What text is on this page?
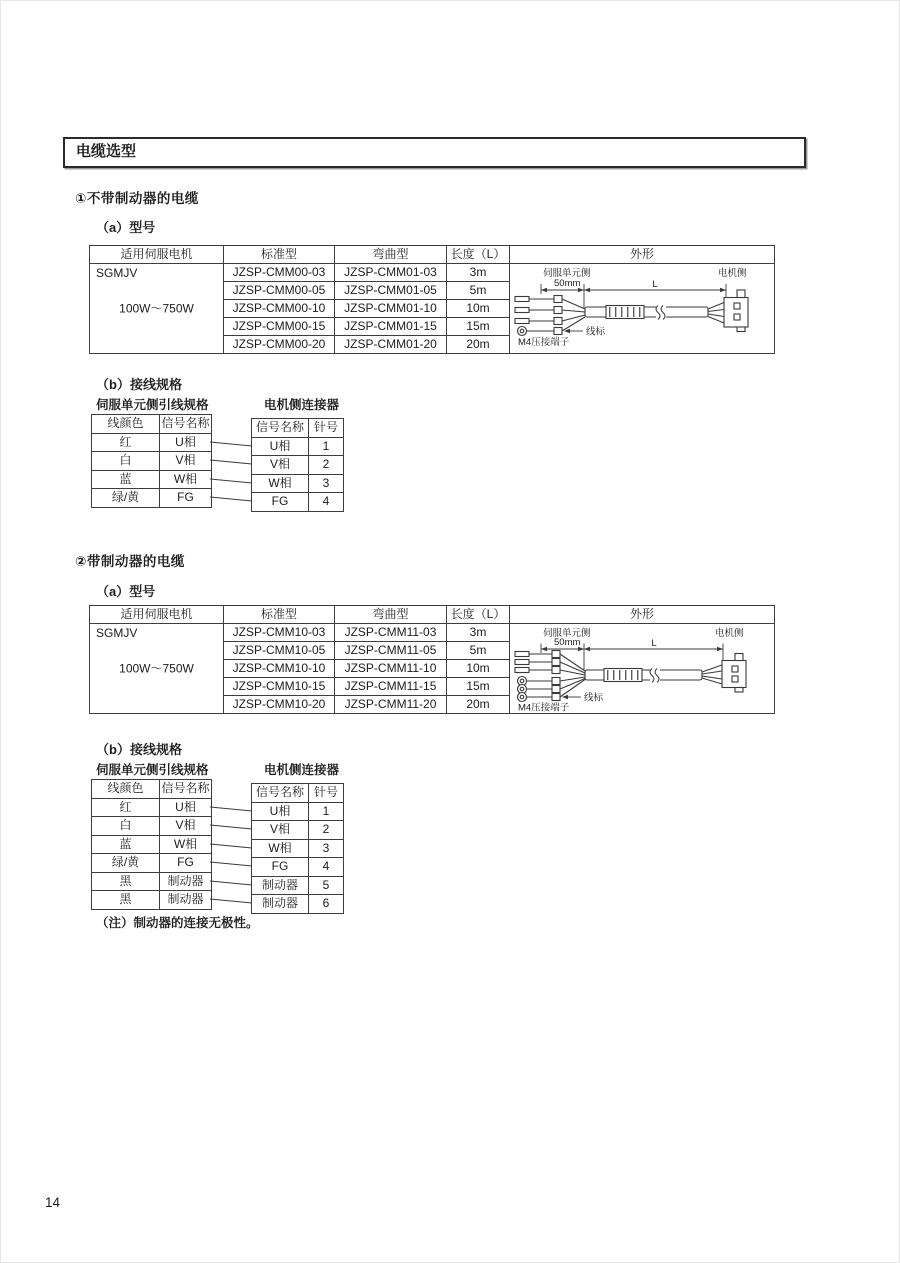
电缆选型
①不带制动器的电缆
（a）型号
适用伺服电机	标准型	弯曲型	长度（L）	外形

SGMJV
100W～750W
	JZSP-CMM00-03	JZSP-CMM01-03	3m	伺服单元侧	电机侧
50mm	L
线标
M4压接端子

	JZSP-CMM00-05	JZSP-CMM01-05	5m	
	JZSP-CMM00-10	JZSP-CMM01-10	10m	
	JZSP-CMM00-15	JZSP-CMM01-15	15m	
	JZSP-CMM00-20	JZSP-CMM01-20	20m	
（b）接线规格
伺服单元侧引线规格	电机侧连接器
线颜色	信号名称
红	U相
白	V相
蓝	W相
绿/黄	FG
信号名称	针号
U相	1
V相	2
W相	3
FG	4
②带制动器的电缆
（a）型号
适用伺服电机	标准型	弯曲型	长度（L）	外形

SGMJV
100W～750W
	JZSP-CMM10-03	JZSP-CMM11-03	3m	伺服单元侧	电机侧
50mm	L
线标
M4压接端子

	JZSP-CMM10-05	JZSP-CMM11-05	5m	
	JZSP-CMM10-10	JZSP-CMM11-10	10m	
	JZSP-CMM10-15	JZSP-CMM11-15	15m	
	JZSP-CMM10-20	JZSP-CMM11-20	20m	
（b）接线规格
伺服单元侧引线规格	电机侧连接器
线颜色	信号名称
红	U相
白	V相
蓝	W相
绿/黄	FG
黑	制动器
黑	制动器
信号名称	针号
U相	1
V相	2
W相	3
FG	4
制动器	5
制动器	6
（注）制动器的连接无极性。
14
